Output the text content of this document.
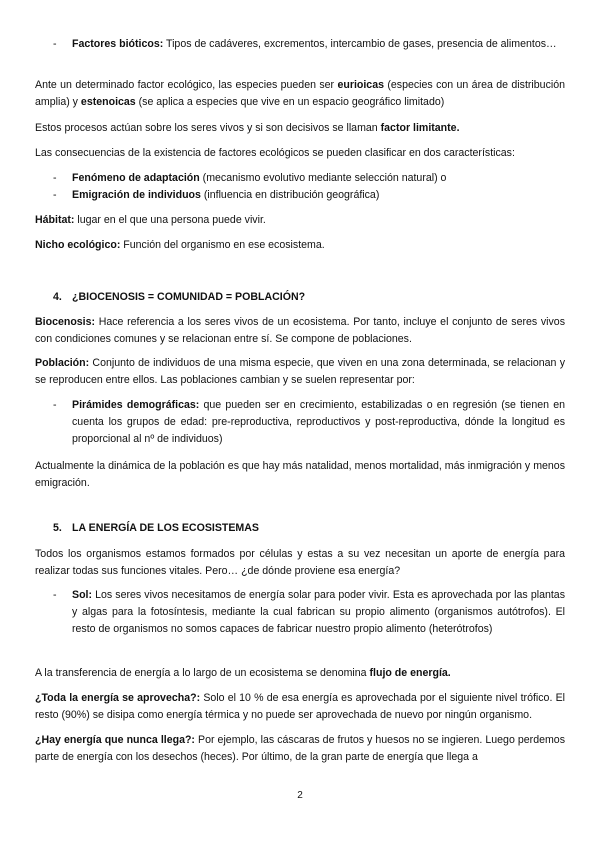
- Factores bióticos: Tipos de cadáveres, excrementos, intercambio de gases, presencia de alimentos…

Ante un determinado factor ecológico, las especies pueden ser eurioicas (especies con un área de distribución amplia) y estenoicas (se aplica a especies que vive en un espacio geográfico limitado)

Estos procesos actúan sobre los seres vivos y si son decisivos se llaman factor limitante.

Las consecuencias de la existencia de factores ecológicos se pueden clasificar en dos características:

- Fenómeno de adaptación (mecanismo evolutivo mediante selección natural) o

- Emigración de individuos (influencia en distribución geográfica)

Hábitat: lugar en el que una persona puede vivir.

Nicho ecológico: Función del organismo en ese ecosistema.

4. ¿BIOCENOSIS = COMUNIDAD = POBLACIÓN?

Biocenosis: Hace referencia a los seres vivos de un ecosistema. Por tanto, incluye el conjunto de seres vivos con condiciones comunes y se relacionan entre sí. Se compone de poblaciones.

Población: Conjunto de individuos de una misma especie, que viven en una zona determinada, se relacionan y se reproducen entre ellos. Las poblaciones cambian y se suelen representar por:

- Pirámides demográficas: que pueden ser en crecimiento, estabilizadas o en regresión (se tienen en cuenta los grupos de edad: pre-reproductiva, reproductivos y post-reproductiva, dónde la longitud es proporcional al nº de individuos)

Actualmente la dinámica de la población es que hay más natalidad, menos mortalidad, más inmigración y menos emigración.

5. LA ENERGÍA DE LOS ECOSISTEMAS

Todos los organismos estamos formados por células y estas a su vez necesitan un aporte de energía para realizar todas sus funciones vitales. Pero… ¿de dónde proviene esa energía?

- Sol: Los seres vivos necesitamos de energía solar para poder vivir. Esta es aprovechada por las plantas y algas para la fotosíntesis, mediante la cual fabrican su propio alimento (organismos autótrofos). El resto de organismos no somos capaces de fabricar nuestro propio alimento (heterótrofos)

A la transferencia de energía a lo largo de un ecosistema se denomina flujo de energía.

¿Toda la energía se aprovecha?: Solo el 10 % de esa energía es aprovechada por el siguiente nivel trófico. El resto (90%) se disipa como energía térmica y no puede ser aprovechada de nuevo por ningún organismo.

¿Hay energía que nunca llega?: Por ejemplo, las cáscaras de frutos y huesos no se ingieren. Luego perdemos parte de energía con los desechos (heces). Por último, de la gran parte de energía que llega a

2
